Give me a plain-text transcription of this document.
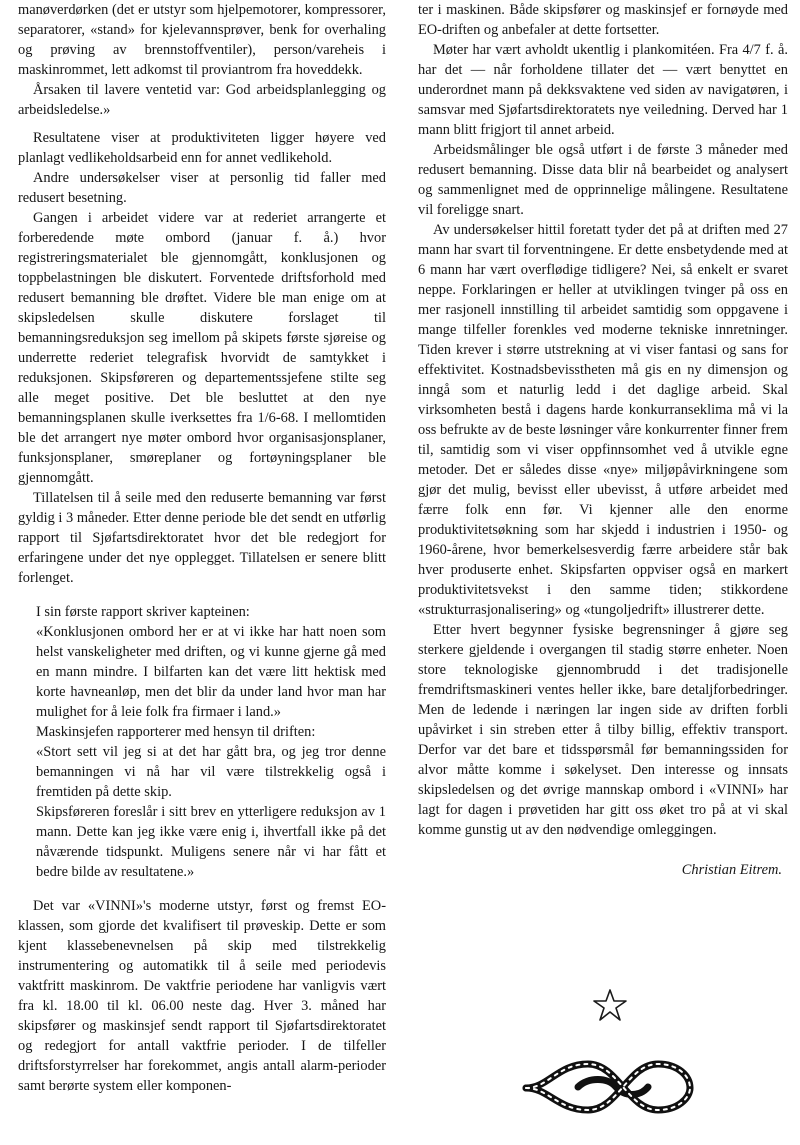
manøverdørken (det er utstyr som hjelpemotorer, kompressorer, separatorer, «stand» for kjelevannsprøver, benk for overhaling og prøving av brennstoffventiler), person/vareheis i maskinrommet, lett adkomst til proviantrom fra hoveddekk.

Årsaken til lavere ventetid var: God arbeidsplanlegging og arbeidsledelse.»

Resultatene viser at produktiviteten ligger høyere ved planlagt vedlikeholdsarbeid enn for annet vedlikehold.

Andre undersøkelser viser at personlig tid faller med redusert besetning.

Gangen i arbeidet videre var at rederiet arrangerte et forberedende møte ombord (januar f. å.) hvor registreringsmaterialet ble gjennomgått, konklusjonen og toppbelastningen ble diskutert. Forventede driftsforhold med redusert bemanning ble drøftet. Videre ble man enige om at skipsledelsen skulle diskutere forslaget til bemanningsreduksjon seg imellom på skipets første sjøreise og underrette rederiet telegrafisk hvorvidt de samtykket i reduksjonen. Skipsføreren og departementssjefene stilte seg alle meget positive. Det ble besluttet at den nye bemanningsplanen skulle iverksettes fra 1/6-68. I mellomtiden ble det arrangert nye møter ombord hvor organisasjonsplaner, funksjonsplaner, smøreplaner og fortøyningsplaner ble gjennomgått.

Tillatelsen til å seile med den reduserte bemanning var først gyldig i 3 måneder. Etter denne periode ble det sendt en utførlig rapport til Sjøfartsdirektoratet hvor det ble redegjort for erfaringene under det nye opplegget. Tillatelsen er senere blitt forlenget.

I sin første rapport skriver kapteinen:

«Konklusjonen ombord her er at vi ikke har hatt noen som helst vanskeligheter med driften, og vi kunne gjerne gå med en mann mindre. I bilfarten kan det være litt hektisk med korte havneanløp, men det blir da under land hvor man har mulighet for å leie folk fra firmaer i land.»

Maskinsjefen rapporterer med hensyn til driften:

«Stort sett vil jeg si at det har gått bra, og jeg tror denne bemanningen vi nå har vil være tilstrekkelig også i fremtiden på dette skip.

Skipsføreren foreslår i sitt brev en ytterligere reduksjon av 1 mann. Dette kan jeg ikke være enig i, ihvertfall ikke på det nåværende tidspunkt. Muligens senere når vi har fått et bedre bilde av resultatene.»

Det var «VINNI»'s moderne utstyr, først og fremst EO-klassen, som gjorde det kvalifisert til prøveskip. Dette er som kjent klassebenevnelsen på skip med tilstrekkelig instrumentering og automatikk til å seile med periodevis vaktfritt maskinrom. De vaktfrie periodene har vanligvis vært fra kl. 18.00 til kl. 06.00 neste dag. Hver 3. måned har skipsfører og maskinsjef sendt rapport til Sjøfartsdirektoratet og redegjort for antall vaktfrie perioder. I de tilfeller driftsforstyrrelser har forekommet, angis antall alarm-perioder samt berørte system eller komponen-

ter i maskinen. Både skipsfører og maskinsjef er fornøyde med EO-driften og anbefaler at dette fortsetter.

Møter har vært avholdt ukentlig i plankomitéen. Fra 4/7 f. å. har det — når forholdene tillater det — vært benyttet en underordnet mann på dekksvaktene ved siden av navigatøren, i samsvar med Sjøfartsdirektoratets nye veiledning. Derved har 1 mann blitt frigjort til annet arbeid.

Arbeidsmålinger ble også utført i de første 3 måneder med redusert bemanning. Disse data blir nå bearbeidet og analysert og sammenlignet med de opprinnelige målingene. Resultatene vil foreligge snart.

Av undersøkelser hittil foretatt tyder det på at driften med 27 mann har svart til forventningene. Er dette ensbetydende med at 6 mann har vært overflødige tidligere? Nei, så enkelt er svaret neppe. Forklaringen er heller at utviklingen tvinger på oss en mer rasjonell innstilling til arbeidet samtidig som oppgavene i mange tilfeller forenkles ved moderne tekniske innretninger. Tiden krever i større utstrekning at vi viser fantasi og sans for effektivitet. Kostnadsbevisstheten må gis en ny dimensjon og inngå som et naturlig ledd i det daglige arbeid. Skal virksomheten bestå i dagens harde konkurranseklima må vi la oss befrukte av de beste løsninger våre konkurrenter finner frem til, samtidig som vi viser oppfinnsomhet ved å utvikle egne metoder. Det er således disse «nye» miljøpåvirkningene som gjør det mulig, bevisst eller ubevisst, å utføre arbeidet med færre folk enn før. Vi kjenner alle den enorme produktivitetsøkning som har skjedd i industrien i 1950- og 1960-årene, hvor bemerkelsesverdig færre arbeidere står bak hver produserte enhet. Skipsfarten oppviser også en markert produktivitetsvekst i den samme tiden; stikkordene «strukturrasjonalisering» og «tungoljedrift» illustrerer dette.

Etter hvert begynner fysiske begrensninger å gjøre seg sterkere gjeldende i overgangen til stadig større enheter. Noen store teknologiske gjennombrudd i det tradisjonelle fremdriftsmaskineri ventes heller ikke, bare detaljforbedringer. Men de ledende i næringen lar ingen side av driften forbli upåvirket i sin streben etter å tilby billig, effektiv transport. Derfor var det bare et tidsspørsmål før bemanningssiden for alvor måtte komme i søkelyset. Den interesse og innsats skipsledelsen og det øvrige mannskap ombord i «VINNI» har lagt for dagen i prøvetiden har gitt oss øket tro på at vi skal komme gunstig ut av den nødvendige omleggingen.

Christian Eitrem.
